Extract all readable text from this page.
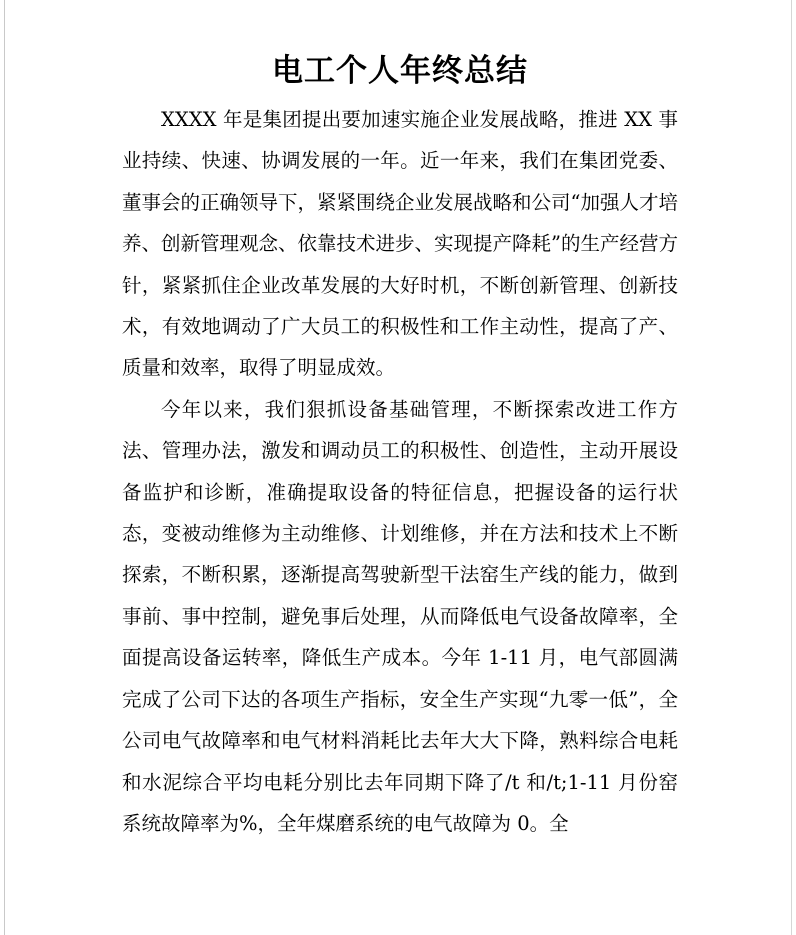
电工个人年终总结

XXXX 年是集团提出要加速实施企业发展战略，推进 XX 事业持续、快速、协调发展的一年。近一年来，我们在集团党委、董事会的正确领导下，紧紧围绕企业发展战略和公司“加强人才培养、创新管理观念、依靠技术进步、实现提产降耗”的生产经营方针，紧紧抓住企业改革发展的大好时机，不断创新管理、创新技术，有效地调动了广大员工的积极性和工作主动性，提高了产、质量和效率，取得了明显成效。

今年以来，我们狠抓设备基础管理，不断探索改进工作方法、管理办法，激发和调动员工的积极性、创造性，主动开展设备监护和诊断，准确提取设备的特征信息，把握设备的运行状态，变被动维修为主动维修、计划维修，并在方法和技术上不断探索，不断积累，逐渐提高驾驶新型干法窑生产线的能力，做到事前、事中控制，避免事后处理，从而降低电气设备故障率，全面提高设备运转率，降低生产成本。今年 1-11 月，电气部圆满完成了公司下达的各项生产指标，安全生产实现“九零一低”，全公司电气故障率和电气材料消耗比去年大大下降，熟料综合电耗和水泥综合平均电耗分别比去年同期下降了/t 和/t;1-11 月份窑系统故障率为%，全年煤磨系统的电气故障为 0。全
